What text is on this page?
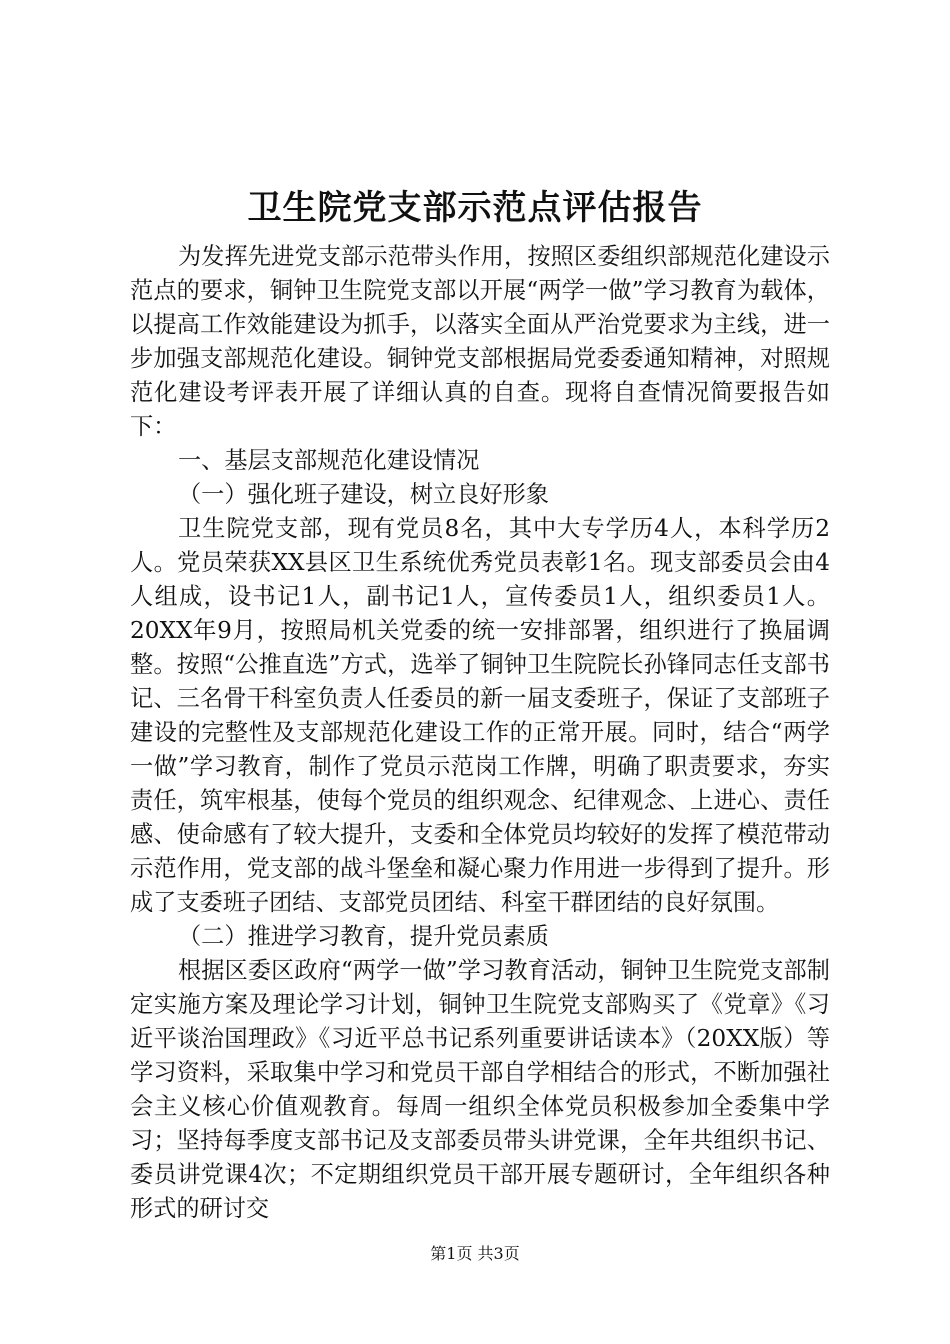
卫生院党支部示范点评估报告

为发挥先进党支部示范带头作用，按照区委组织部规范化建设示范点的要求，铜钟卫生院党支部以开展“两学一做”学习教育为载体，以提高工作效能建设为抓手，以落实全面从严治党要求为主线，进一步加强支部规范化建设。铜钟党支部根据局党委委通知精神，对照规范化建设考评表开展了详细认真的自查。现将自查情况简要报告如下：

一、基层支部规范化建设情况

（一）强化班子建设，树立良好形象

卫生院党支部，现有党员8名，其中大专学历4人，本科学历2人。党员荣获XX县区卫生系统优秀党员表彰1名。现支部委员会由4人组成，设书记1人，副书记1人，宣传委员1人，组织委员1人。20XX年9月，按照局机关党委的统一安排部署，组织进行了换届调整。按照“公推直选”方式，选举了铜钟卫生院院长孙锋同志任支部书记、三名骨干科室负责人任委员的新一届支委班子，保证了支部班子建设的完整性及支部规范化建设工作的正常开展。同时，结合“两学一做”学习教育，制作了党员示范岗工作牌，明确了职责要求，夯实责任，筑牢根基，使每个党员的组织观念、纪律观念、上进心、责任感、使命感有了较大提升，支委和全体党员均较好的发挥了模范带动示范作用，党支部的战斗堡垒和凝心聚力作用进一步得到了提升。形成了支委班子团结、支部党员团结、科室干群团结的良好氛围。

（二）推进学习教育，提升党员素质

根据区委区政府“两学一做”学习教育活动，铜钟卫生院党支部制定实施方案及理论学习计划，铜钟卫生院党支部购买了《党章》《习近平谈治国理政》《习近平总书记系列重要讲话读本》（20XX版）等学习资料，采取集中学习和党员干部自学相结合的形式，不断加强社会主义核心价值观教育。每周一组织全体党员积极参加全委集中学习；坚持每季度支部书记及支部委员带头讲党课，全年共组织书记、委员讲党课4次；不定期组织党员干部开展专题研讨，全年组织各种形式的研讨交

第1页 共3页
